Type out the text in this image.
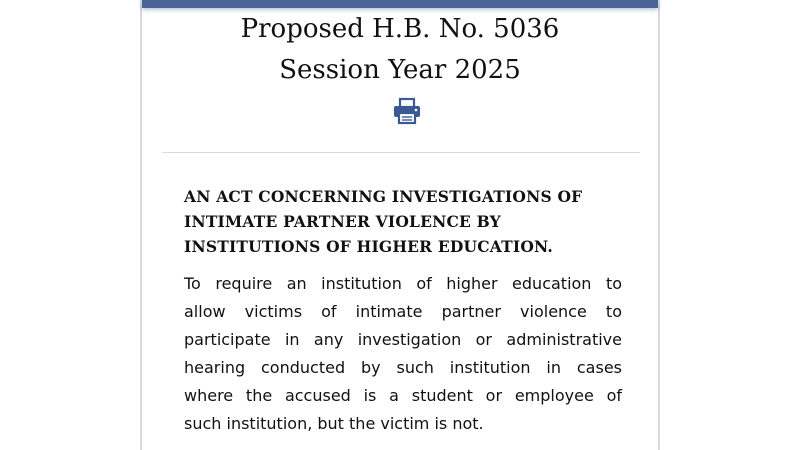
Proposed H.B. No. 5036
Session Year 2025
AN ACT CONCERNING INVESTIGATIONS OF
INTIMATE PARTNER VIOLENCE BY
INSTITUTIONS OF HIGHER EDUCATION.

To require an institution of higher education to
allow victims of intimate partner violence to
participate in any investigation or administrative
hearing conducted by such institution in cases
where the accused is a student or employee of
such institution, but the victim is not.
